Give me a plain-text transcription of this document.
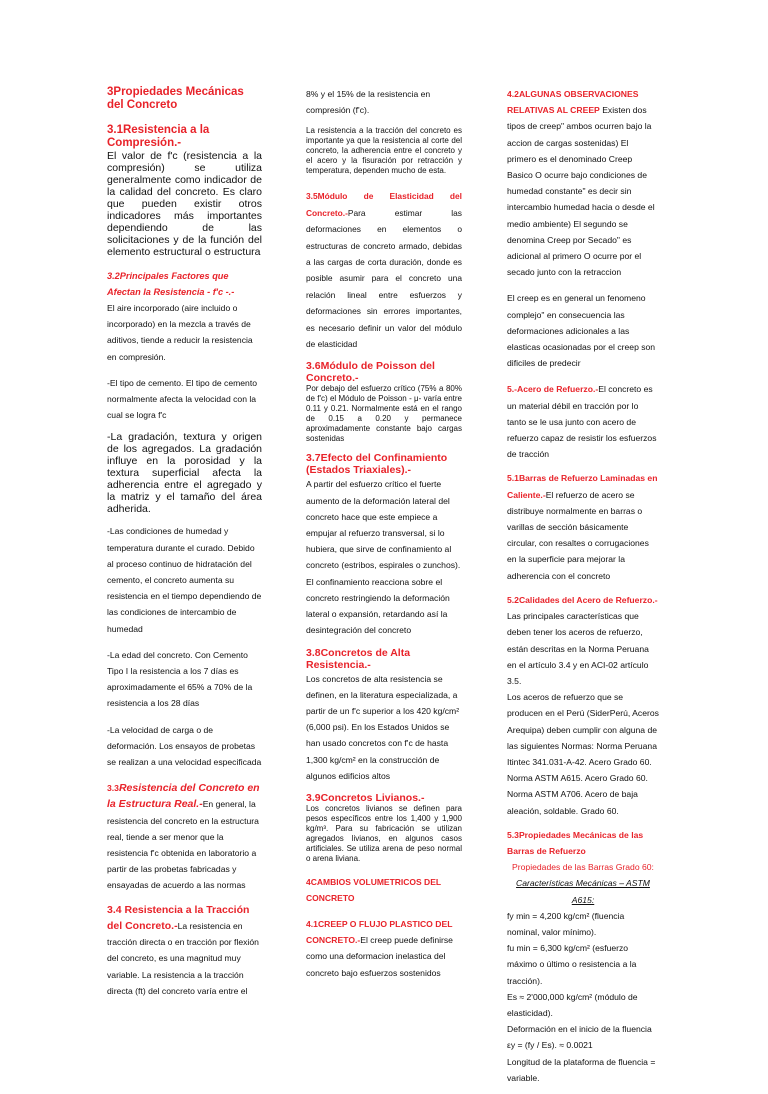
3Propiedades Mecánicas del Concreto
3.1Resistencia a la Compresión.-
El valor de f'c (resistencia a la compresión) se utiliza generalmente como indicador de la calidad del concreto. Es claro que pueden existir otros indicadores más importantes dependiendo de las solicitaciones y de la función del elemento estructural o estructura
3.2Principales Factores que Afectan la Resistencia - f'c -.-
El aire incorporado (aire incluido o incorporado) en la mezcla a través de aditivos, tiende a reducir la resistencia en compresión.
-El tipo de cemento. El tipo de cemento normalmente afecta la velocidad con la cual se logra f'c
-La gradación, textura y origen de los agregados. La gradación influye en la porosidad y la textura superficial afecta la adherencia entre el agregado y la matriz y el tamaño del área adherida.
-Las condiciones de humedad y temperatura durante el curado. Debido al proceso continuo de hidratación del cemento, el concreto aumenta su resistencia en el tiempo dependiendo de las condiciones de intercambio de humedad
-La edad del concreto. Con Cemento Tipo I la resistencia a los 7 días es aproximadamente el 65% a 70% de la resistencia a los 28 días
-La velocidad de carga o de deformación. Los ensayos de probetas se realizan a una velocidad especificada
3.3Resistencia del Concreto en la Estructura Real.-En general, la resistencia del concreto en la estructura real, tiende a ser menor que la resistencia f'c obtenida en laboratorio a partir de las probetas fabricadas y ensayadas de acuerdo a las normas
3.4 Resistencia a la Tracción del Concreto.-La resistencia en tracción directa o en tracción por flexión del concreto, es una magnitud muy variable. La resistencia a la tracción directa (ft) del concreto varía entre el
8% y el 15% de la resistencia en compresión (f'c).
La resistencia a la tracción del concreto es importante ya que la resistencia al corte del concreto, la adherencia entre el concreto y el acero y la fisuración por retracción y temperatura, dependen mucho de esta.
3.5Módulo de Elasticidad del Concreto.-Para estimar las deformaciones en elementos o estructuras de concreto armado, debidas a las cargas de corta duración, donde es posible asumir para el concreto una relación lineal entre esfuerzos y deformaciones sin errores importantes, es necesario definir un valor del módulo de elasticidad
3.6Módulo de Poisson del Concreto.-
Por debajo del esfuerzo crítico (75% a 80% de f'c) el Módulo de Poisson - μ- varía entre 0.11 y 0.21. Normalmente está en el rango de 0.15 a 0.20 y permanece aproximadamente constante bajo cargas sostenidas
3.7Efecto del Confinamiento (Estados Triaxiales).-
A partir del esfuerzo crítico el fuerte aumento de la deformación lateral del concreto hace que este empiece a empujar al refuerzo transversal, si lo hubiera, que sirve de confinamiento al concreto (estribos, espirales o zunchos). El confinamiento reacciona sobre el concreto restringiendo la deformación lateral o expansión, retardando así la desintegración del concreto
3.8Concretos de Alta Resistencia.-
Los concretos de alta resistencia se definen, en la literatura especializada, a partir de un f'c superior a los 420 kg/cm² (6,000 psi). En los Estados Unidos se han usado concretos con f'c de hasta 1,300 kg/cm² en la construcción de algunos edificios altos
3.9Concretos Livianos.-
Los concretos livianos se definen para pesos específicos entre los 1,400 y 1,900 kg/m³. Para su fabricación se utilizan agregados livianos, en algunos casos artificiales. Se utiliza arena de peso normal o arena liviana.
4CAMBIOS VOLUMETRICOS DEL CONCRETO
4.1CREEP O FLUJO PLASTICO DEL CONCRETO.-El creep puede definirse como una deformacion inelastica del concreto bajo esfuerzos sostenidos
4.2ALGUNAS OBSERVACIONES RELATIVAS AL CREEP Existen dos tipos de creep" ambos ocurren bajo la accion de cargas sostenidas) El primero es el denominado Creep Basico O ocurre bajo condiciones de humedad constante" es decir sin intercambio humedad hacia o desde el medio ambiente) El segundo se denomina Creep por Secado" es adicional al primero O ocurre por el secado junto con la retraccion
El creep es en general un fenomeno complejo" en consecuencia las deformaciones adicionales a las elasticas ocasionadas por el creep son dificiles de predecir
5.-Acero de Refuerzo.-El concreto es un material débil en tracción por lo tanto se le usa junto con acero de refuerzo capaz de resistir los esfuerzos de tracción
5.1Barras de Refuerzo Laminadas en Caliente.-El refuerzo de acero se distribuye normalmente en barras o varillas de sección básicamente circular, con resaltes o corrugaciones en la superficie para mejorar la adherencia con el concreto
5.2Calidades del Acero de Refuerzo.-Las principales características que deben tener los aceros de refuerzo, están descritas en la Norma Peruana en el artículo 3.4 y en ACI-02 artículo 3.5.
Los aceros de refuerzo que se producen en el Perú (SiderPerú, Aceros Arequipa) deben cumplir con alguna de las siguientes Normas: Norma Peruana Itintec 341.031-A-42. Acero Grado 60. Norma ASTM A615. Acero Grado 60. Norma ASTM A706. Acero de baja aleación, soldable. Grado 60.
5.3Propiedades Mecánicas de las Barras de Refuerzo
Propiedades de las Barras Grado 60:
Características Mecánicas – ASTM A615:
fy min = 4,200 kg/cm² (fluencia nominal, valor mínimo).
fu min = 6,300 kg/cm² (esfuerzo máximo o último o resistencia a la tracción).
Es ≈ 2'000,000 kg/cm² (módulo de elasticidad).
Deformación en el inicio de la fluencia εy = (fy / Es). ≈ 0.0021
Longitud de la plataforma de fluencia = variable.
